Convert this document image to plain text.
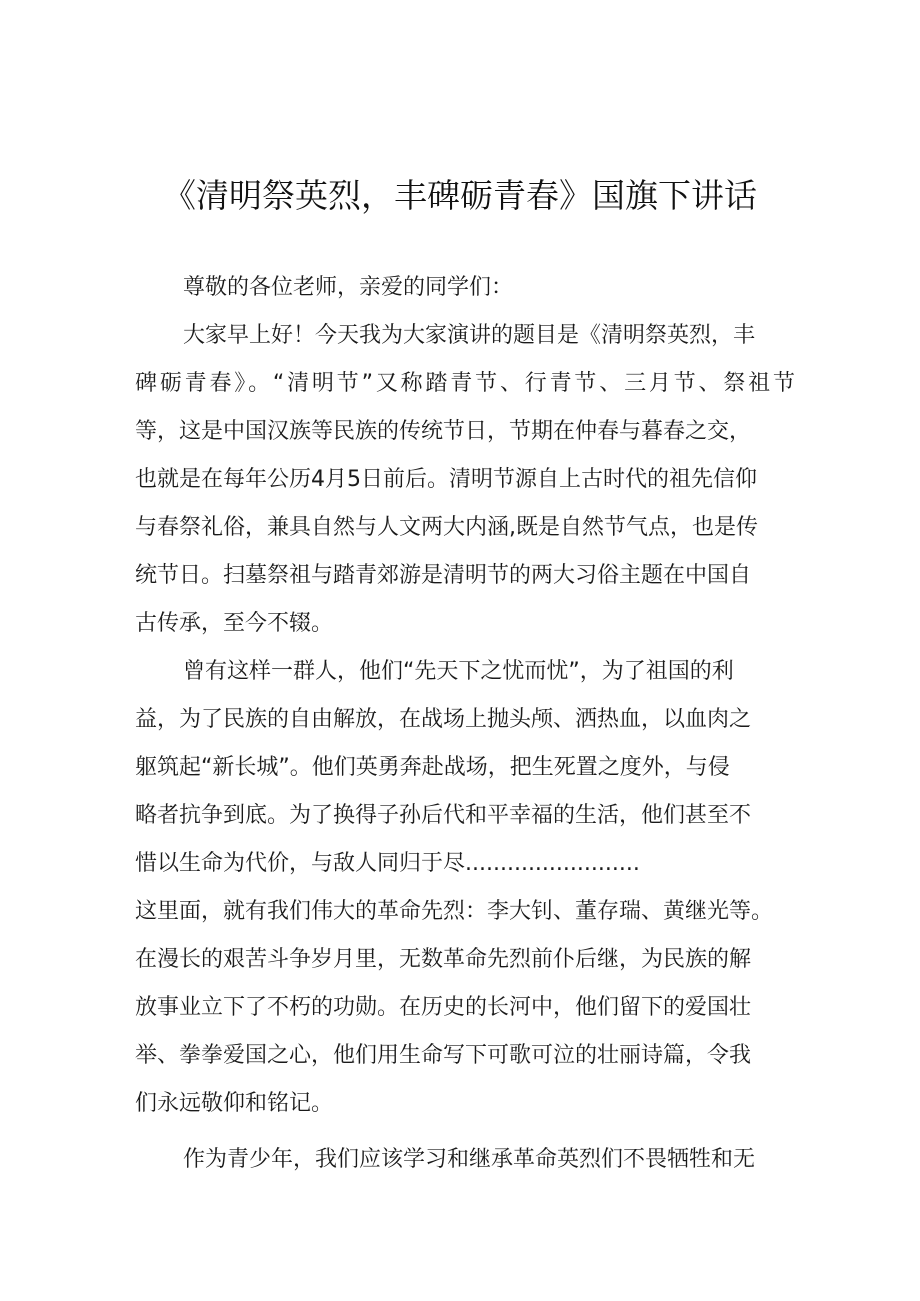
《清明祭英烈，丰碑砺青春》国旗下讲话
尊敬的各位老师，亲爱的同学们：
大家早上好！今天我为大家演讲的题目是《清明祭英烈，丰
碑砺青春》。“清明节”又称踏青节、行青节、三月节、祭祖节
等，这是中国汉族等民族的传统节日，节期在仲春与暮春之交，
也就是在每年公历4月5日前后。清明节源自上古时代的祖先信仰
与春祭礼俗，兼具自然与人文两大内涵,既是自然节气点，也是传
统节日。扫墓祭祖与踏青郊游是清明节的两大习俗主题在中国自
古传承，至今不辍。
曾有这样一群人，他们“先天下之忧而忧”，为了祖国的利
益，为了民族的自由解放，在战场上抛头颅、洒热血，以血肉之
躯筑起“新长城”。他们英勇奔赴战场，把生死置之度外，与侵
略者抗争到底。为了换得子孙后代和平幸福的生活，他们甚至不
惜以生命为代价，与敌人同归于尽.........................
这里面，就有我们伟大的革命先烈：李大钊、董存瑞、黄继光等。
在漫长的艰苦斗争岁月里，无数革命先烈前仆后继，为民族的解
放事业立下了不朽的功勋。在历史的长河中，他们留下的爱国壮
举、拳拳爱国之心，他们用生命写下可歌可泣的壮丽诗篇，令我
们永远敬仰和铭记。
作为青少年，我们应该学习和继承革命英烈们不畏牺牲和无
